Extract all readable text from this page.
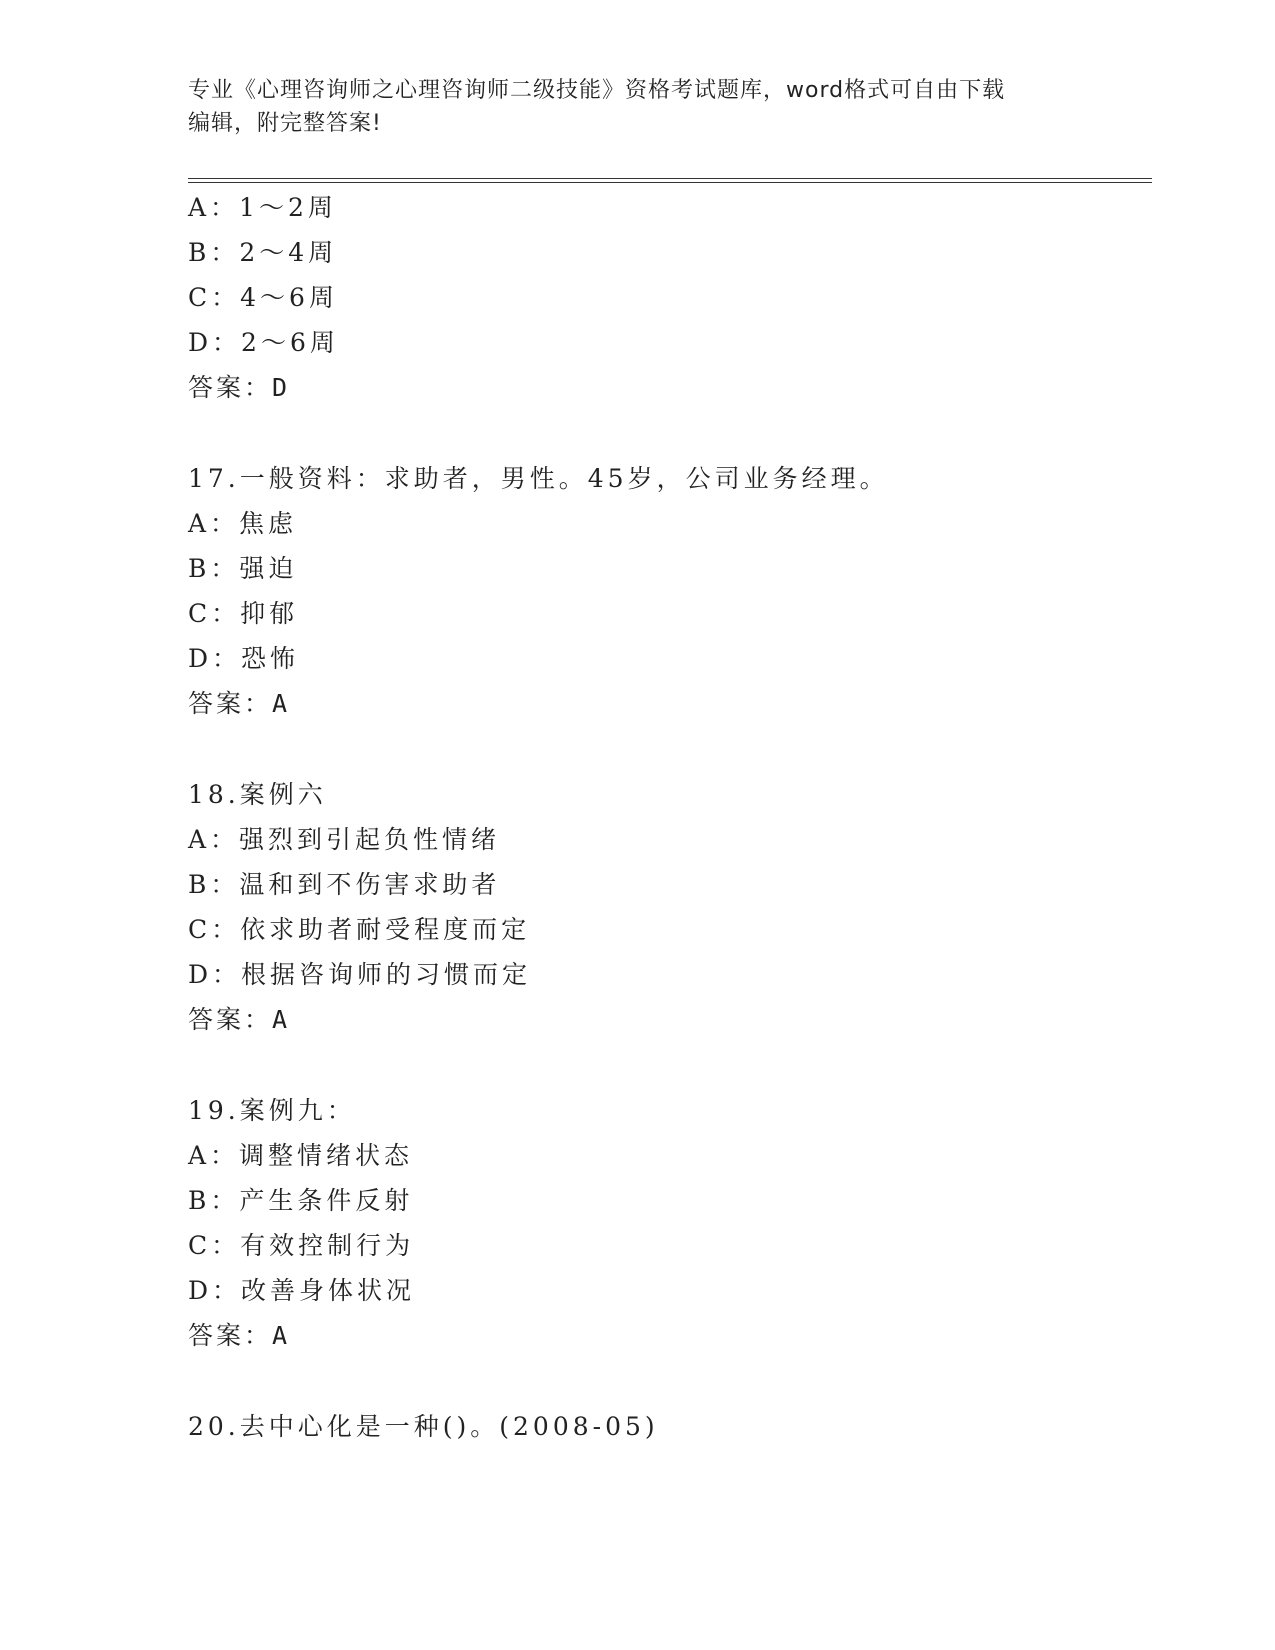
专业《心理咨询师之心理咨询师二级技能》资格考试题库，word格式可自由下载
编辑，附完整答案!
A：1～2周
B：2～4周
C：4～6周
D：2～6周
答案：D
17.一般资料：求助者，男性。45岁，公司业务经理。
A：焦虑
B：强迫
C：抑郁
D：恐怖
答案：A
18.案例六
A：强烈到引起负性情绪
B：温和到不伤害求助者
C：依求助者耐受程度而定
D：根据咨询师的习惯而定
答案：A
19.案例九：
A：调整情绪状态
B：产生条件反射
C：有效控制行为
D：改善身体状况
答案：A
20.去中心化是一种()。(2008-05)
